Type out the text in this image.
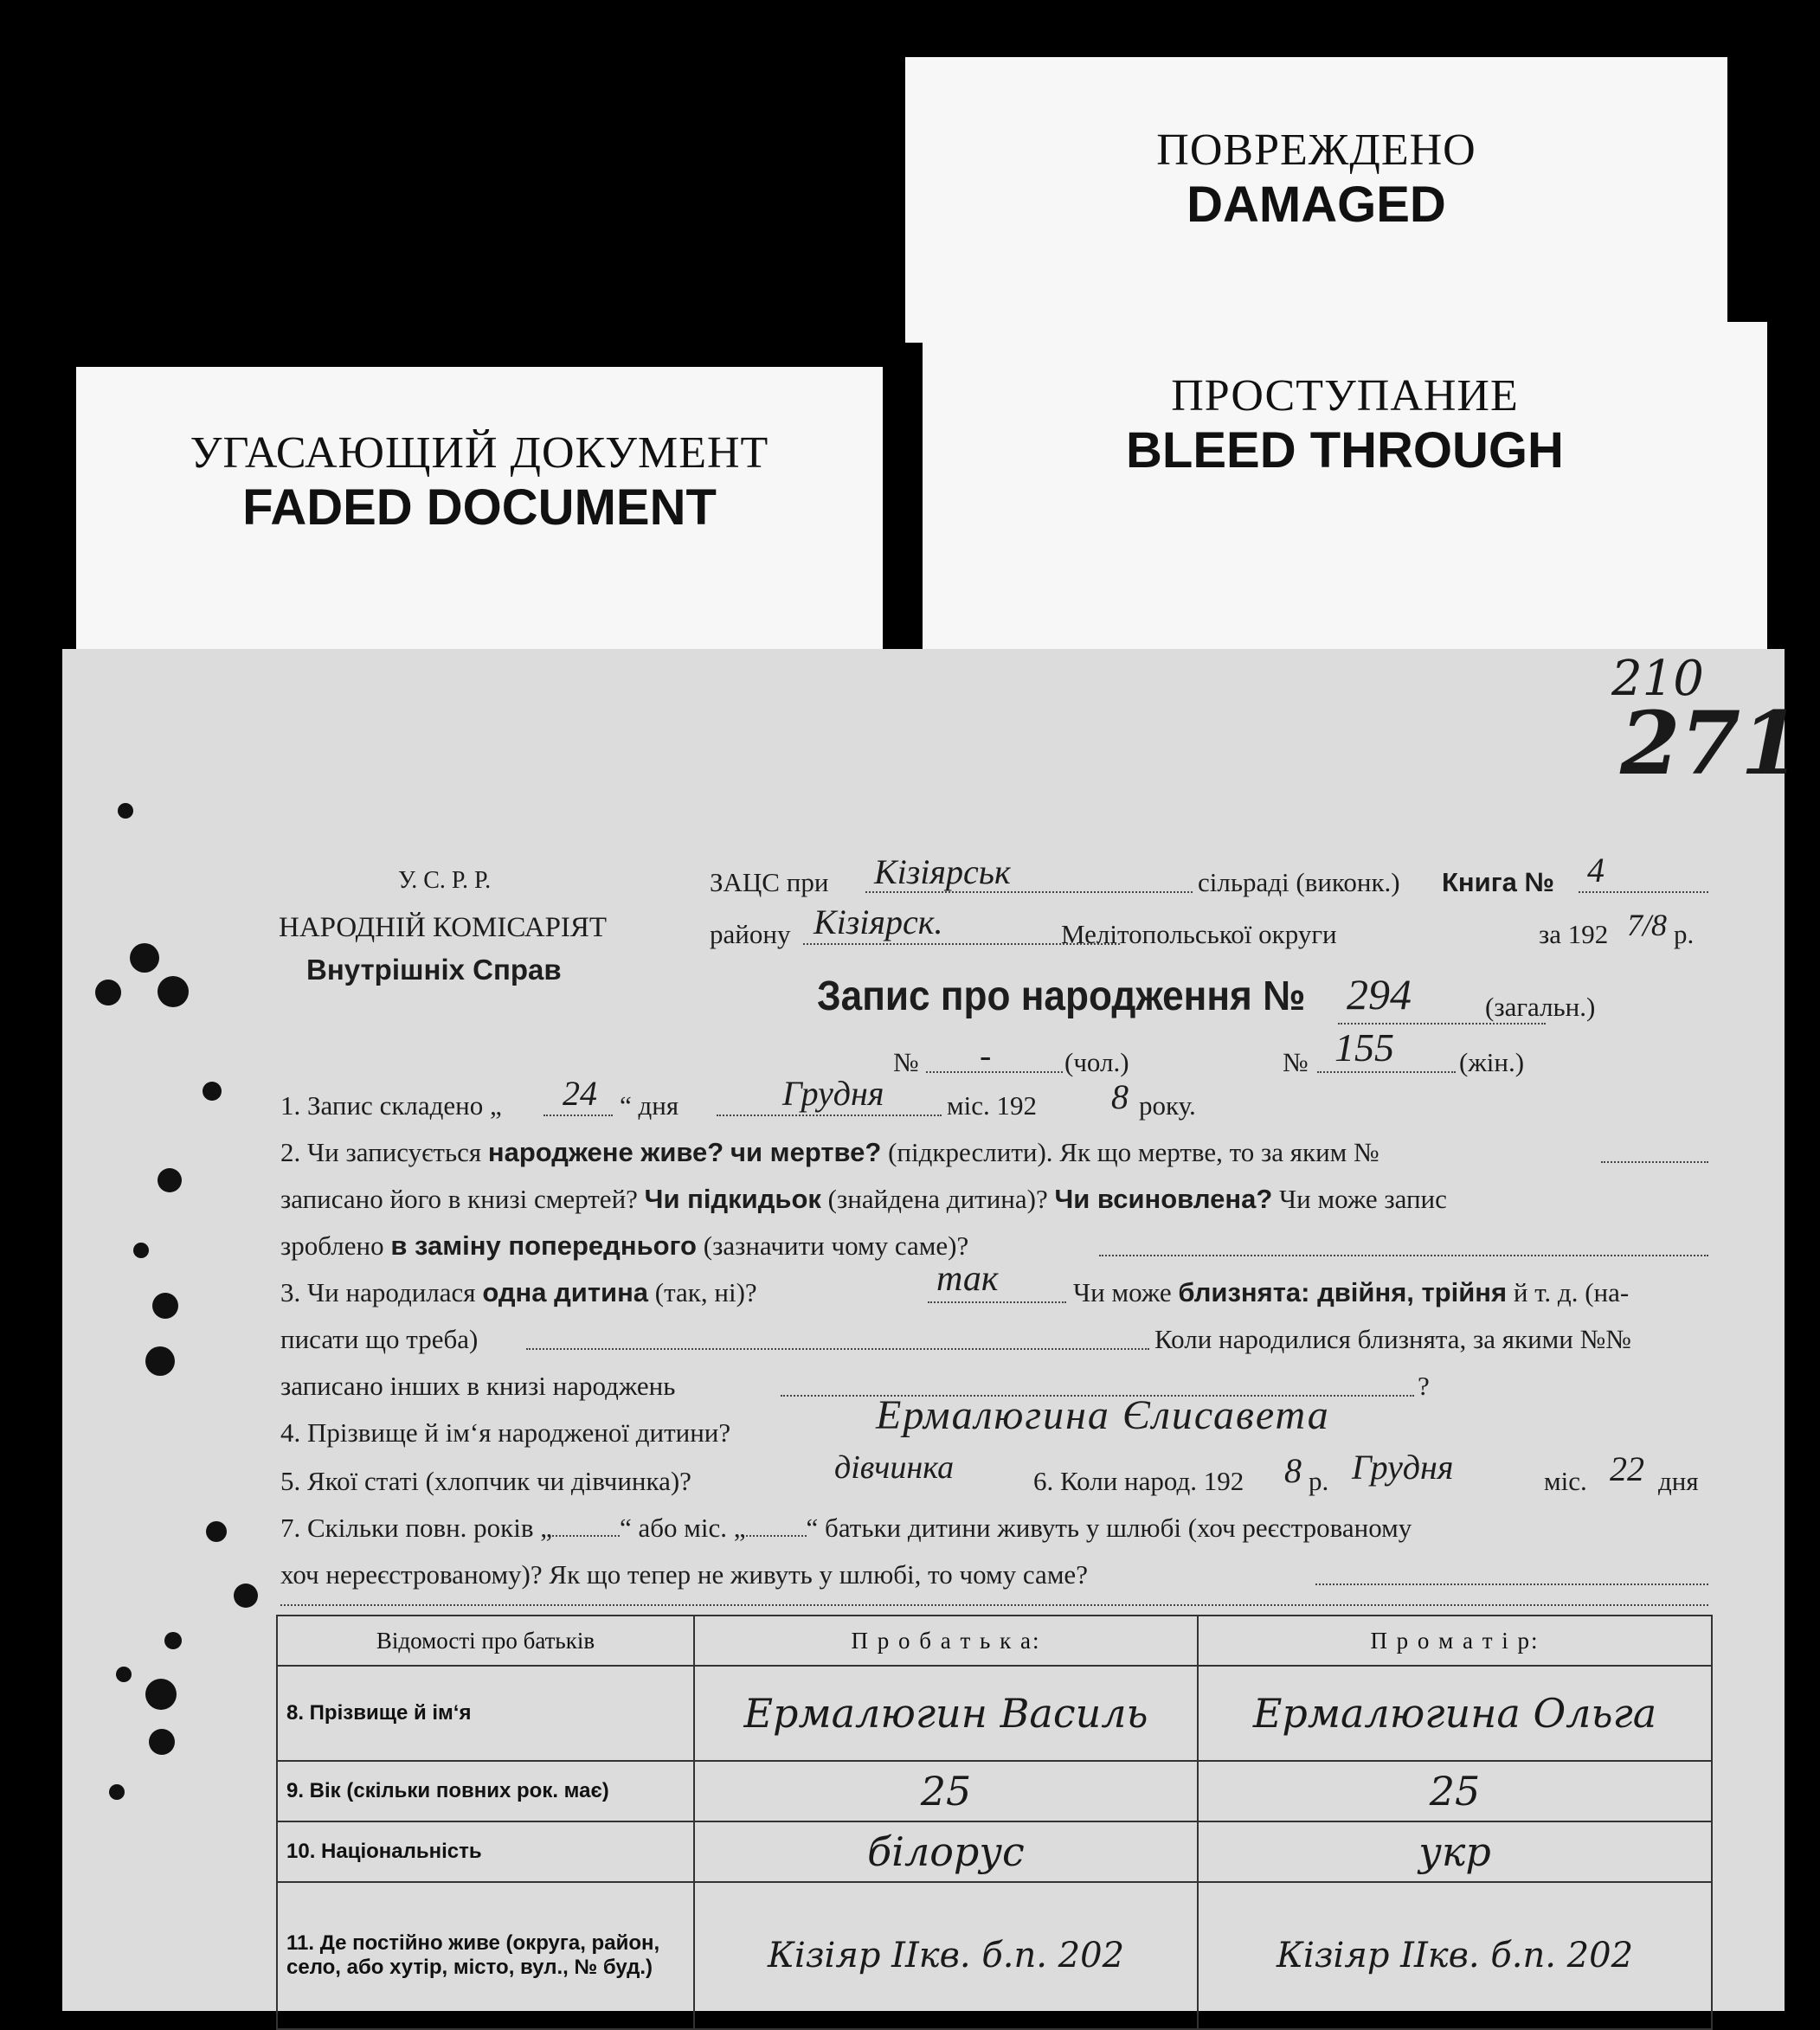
ПОВРЕЖДЕНО
DAMAGED
ПРОСТУПАНИЕ
BLEED THROUGH
УГАСАЮЩИЙ ДОКУМЕНТ
FADED DOCUMENT
210
271
У. С. Р. Р.
НАРОДНІЙ КОМІСАРІЯТ
Внутрішніх Справ
ЗАЦС при Кізіярськ	сільраді (виконк.) Книга № 4
району Кізіярск.	Мелітопольської округи	за 192 7/8 р.
Запис про народження № 294	(загальн.)
№ -	(чол.)	№ 155 (жін.)
1. Запис складено „ 24 “ дня	Грудня міс. 192 8 року.
2. Чи записується народжене живе? чи мертве? (підкреслити). Як що мертве, то за яким №
записано його в книзі смертей? Чи підкидьок (знайдена дитина)? Чи всиновлена? Чи може запис
зроблено в заміну попереднього (зазначити чому саме)?
3. Чи народилася одна дитина (так, ні)?	так	Чи може близнята: двійня, трійня й т. д. (на-
писати що треба)	Коли народилися близнята, за якими №№
записано інших в книзі народжень	?
4. Прізвище й ім‘я народженої дитини?	Ермалюгина Єлисавета
5. Якої статі (хлопчик чи дівчинка)?	дівчинка	6. Коли народ. 192 8 р. Грудня	міс. 22 дня
7. Скільки повн. років „	“ або міс. „ “ батьки дитини живуть у шлюбі (хоч реєстрованому
хоч нереєстрованому)? Як що тепер не живуть у шлюбі, то чому саме?
Відомості про батьків	П р о б а т ь к а:	П р о м а т і р:
8. Прізвище й ім‘я	Ермалюгин Василь	Ермалюгина Ольга
9. Вік (скільки повних рок. має)	25	25
10. Національність	білорус	укр
11. Де постійно живе (округа, район, село, або хутір, місто, вул., № буд.)	Кізіяр ІІкв. б.п. 202	Кізіяр ІІкв. б.п. 202
